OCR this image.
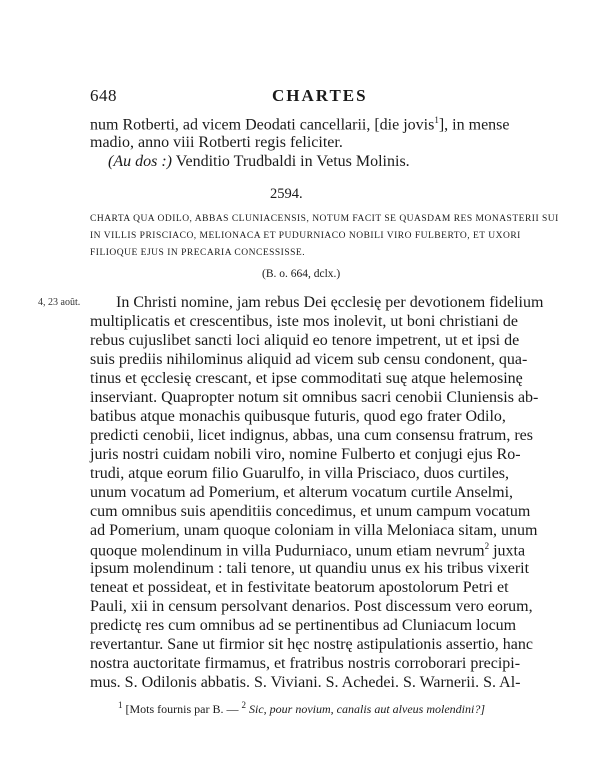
648	CHARTES
num Rotberti, ad vicem Deodati cancellarii, [die jovis$^1$], in mense
madio, anno viii Rotberti regis feliciter.
(Au dos :) Venditio Trudbaldi in Vetus Molinis.
2594.
CHARTA QUA ODILO, ABBAS CLUNIACENSIS, NOTUM FACIT SE QUASDAM RES MONASTERII SUI
IN VILLIS PRISCIACO, MELIONACA ET PUDURNIACO NOBILI VIRO FULBERTO, ET UXORI
FILIOQUE EJUS IN PRECARIA CONCESSISSE.
(B. o. 664, dclx.)
4, 23 août. In Christi nomine, jam rebus Dei ęcclesię per devotionem fidelium
multiplicatis et crescentibus, iste mos inolevit, ut boni christiani de
rebus cujuslibet sancti loci aliquid eo tenore impetrent, ut et ipsi de
suis prediis nihilominus aliquid ad vicem sub censu condonent, qua-
tinus et ęcclesię crescant, et ipse commoditati suę atque helemosinę
inserviant. Quapropter notum sit omnibus sacri cenobii Cluniensis ab-
batibus atque monachis quibusque futuris, quod ego frater Odilo,
predicti cenobii, licet indignus, abbas, una cum consensu fratrum, res
juris nostri cuidam nobili viro, nomine Fulberto et conjugi ejus Ro-
trudi, atque eorum filio Guarulfo, in villa Prisciaco, duos curtiles,
unum vocatum ad Pomerium, et alterum vocatum curtile Anselmi,
cum omnibus suis apenditiis concedimus, et unum campum vocatum
ad Pomerium, unam quoque coloniam in villa Meloniaca sitam, unum
quoque molendinum in villa Pudurniaco, unum etiam nevrum$^2$ juxta
ipsum molendinum : tali tenore, ut quandiu unus ex his tribus vixerit
teneat et possideat, et in festivitate beatorum apostolorum Petri et
Pauli, xii in censum persolvant denarios. Post discessum vero eorum,
predictę res cum omnibus ad se pertinentibus ad Cluniacum locum
revertantur. Sane ut firmior sit hęc nostrę astipulationis assertio, hanc
nostra auctoritate firmamus, et fratribus nostris corroborari precipi-
mus. S. Odilonis abbatis. S. Viviani. S. Achedei. S. Warnerii. S. Al-
$^1$ [Mots fournis par B. — $^2$ Sic, pour novium, canalis aut alveus molendini?]
